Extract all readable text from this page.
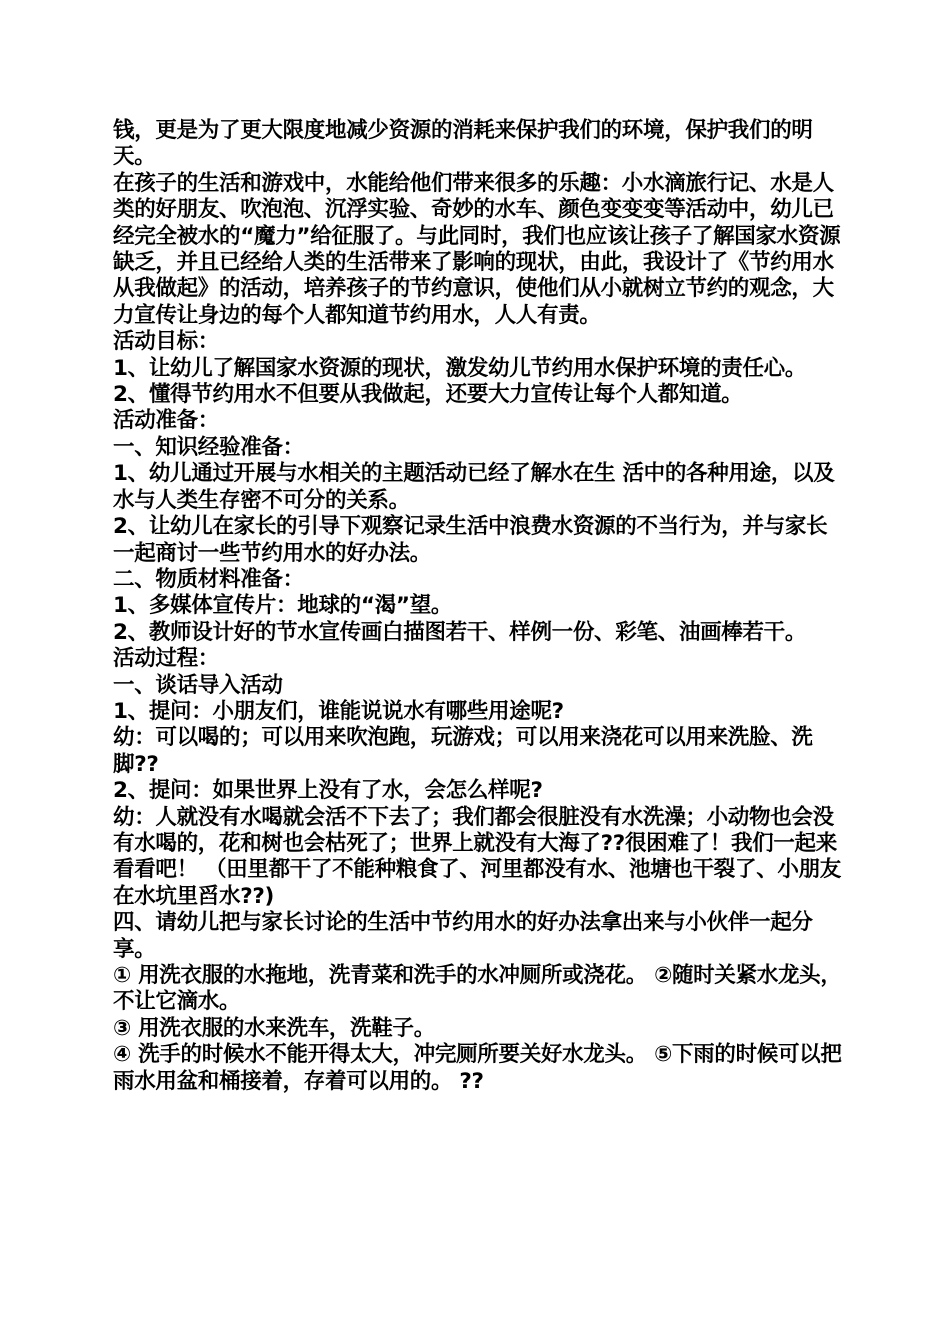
钱，更是为了更大限度地减少资源的消耗来保护我们的环境，保护我们的明天。

在孩子的生活和游戏中，水能给他们带来很多的乐趣：小水滴旅行记、水是人类的好朋友、吹泡泡、沉浮实验、奇妙的水车、颜色变变变等活动中，幼儿已经完全被水的“魔力”给征服了。与此同时，我们也应该让孩子了解国家水资源缺乏，并且已经给人类的生活带来了影响的现状，由此，我设计了《节约用水从我做起》的活动，培养孩子的节约意识，使他们从小就树立节约的观念，大力宣传让身边的每个人都知道节约用水，人人有责。

活动目标：

1、让幼儿了解国家水资源的现状，激发幼儿节约用水保护环境的责任心。

2、懂得节约用水不但要从我做起，还要大力宣传让每个人都知道。

活动准备：

一、知识经验准备：

1、幼儿通过开展与水相关的主题活动已经了解水在生 活中的各种用途，以及水与人类生存密不可分的关系。

2、让幼儿在家长的引导下观察记录生活中浪费水资源的不当行为，并与家长一起商讨一些节约用水的好办法。

二、物质材料准备：

1、多媒体宣传片：地球的“渴”望。

2、教师设计好的节水宣传画白描图若干、样例一份、彩笔、油画棒若干。

活动过程：

一、谈话导入活动

1、提问：小朋友们，谁能说说水有哪些用途呢?

幼：可以喝的；可以用来吹泡跑，玩游戏；可以用来浇花可以用来洗脸、洗脚??

2、提问：如果世界上没有了水，会怎么样呢?

幼：人就没有水喝就会活不下去了；我们都会很脏没有水洗澡；小动物也会没有水喝的，花和树也会枯死了；世界上就没有大海了??很困难了！我们一起来看看吧！ （田里都干了不能种粮食了、河里都没有水、池塘也干裂了、小朋友在水坑里舀水??)

四、请幼儿把与家长讨论的生活中节约用水的好办法拿出来与小伙伴一起分享。

① 用洗衣服的水拖地，洗青菜和洗手的水冲厕所或浇花。 ②随时关紧水龙头，不让它滴水。

③ 用洗衣服的水来洗车，洗鞋子。

④ 洗手的时候水不能开得太大，冲完厕所要关好水龙头。 ⑤下雨的时候可以把雨水用盆和桶接着，存着可以用的。 ??
